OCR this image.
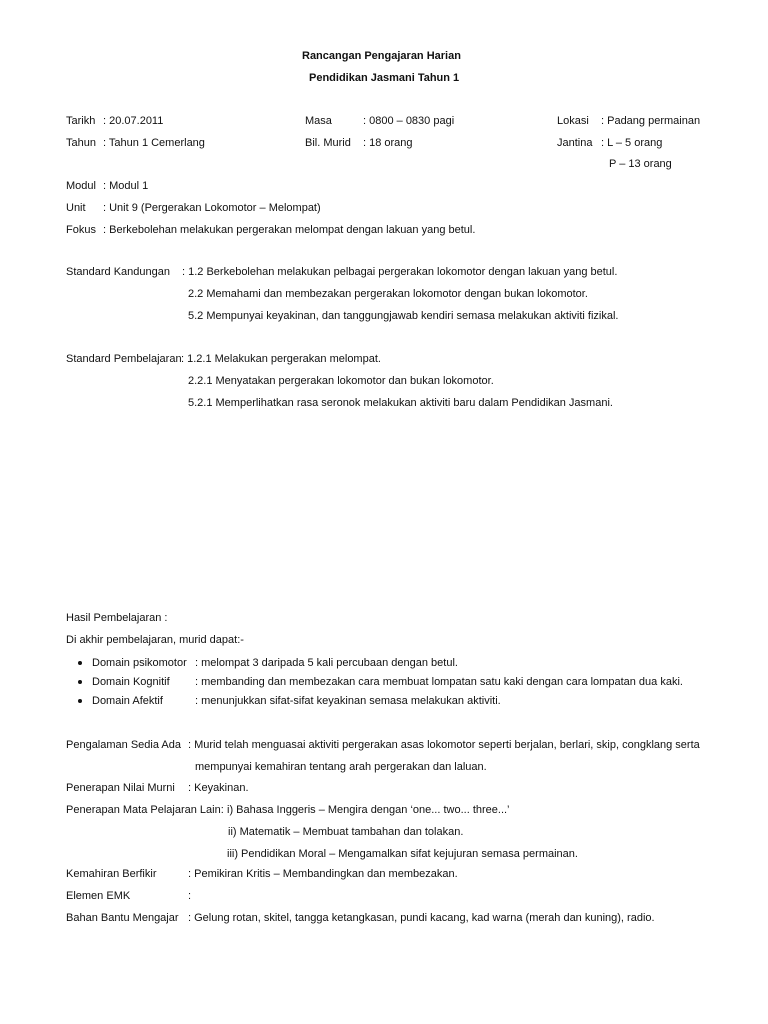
Rancangan Pengajaran Harian
Pendidikan Jasmani Tahun 1
Tarikh : 20.07.2011	Masa	: 0800 – 0830 pagi	Lokasi : Padang permainan
Tahun : Tahun 1 Cemerlang	Bil. Murid : 18 orang	Jantina : L – 5 orang
P – 13 orang
Modul : Modul 1
Unit : Unit 9 (Pergerakan Lokomotor – Melompat)
Fokus : Berkebolehan melakukan pergerakan melompat dengan lakuan yang betul.
Standard Kandungan : 1.2 Berkebolehan melakukan pelbagai pergerakan lokomotor dengan lakuan yang betul.
2.2 Memahami dan membezakan pergerakan lokomotor dengan bukan lokomotor.
5.2 Mempunyai keyakinan, dan tanggungjawab kendiri semasa melakukan aktiviti fizikal.
Standard Pembelajaran : 1.2.1 Melakukan pergerakan melompat.
2.2.1 Menyatakan pergerakan lokomotor dan bukan lokomotor.
5.2.1 Memperlihatkan rasa seronok melakukan aktiviti baru dalam Pendidikan Jasmani.
Hasil Pembelajaran :
Di akhir pembelajaran, murid dapat:-
Domain psikomotor : melompat 3 daripada 5 kali percubaan dengan betul.
Domain Kognitif : membanding dan membezakan cara membuat lompatan satu kaki dengan cara lompatan dua kaki.
Domain Afektif	: menunjukkan sifat-sifat keyakinan semasa melakukan aktiviti.
Pengalaman Sedia Ada : Murid telah menguasai aktiviti pergerakan asas lokomotor seperti berjalan, berlari, skip, congklang serta
mempunyai kemahiran tentang arah pergerakan dan laluan.
Penerapan Nilai Murni : Keyakinan.
Penerapan Mata Pelajaran Lain: i) Bahasa Inggeris – Mengira dengan ‘one... two... three...’
ii) Matematik – Membuat tambahan dan tolakan.
iii) Pendidikan Moral – Mengamalkan sifat kejujuran semasa permainan.
Kemahiran Berfikir	: Pemikiran Kritis – Membandingkan dan membezakan.
Elemen EMK	:
Bahan Bantu Mengajar : Gelung rotan, skitel, tangga ketangkasan, pundi kacang, kad warna (merah dan kuning), radio.
